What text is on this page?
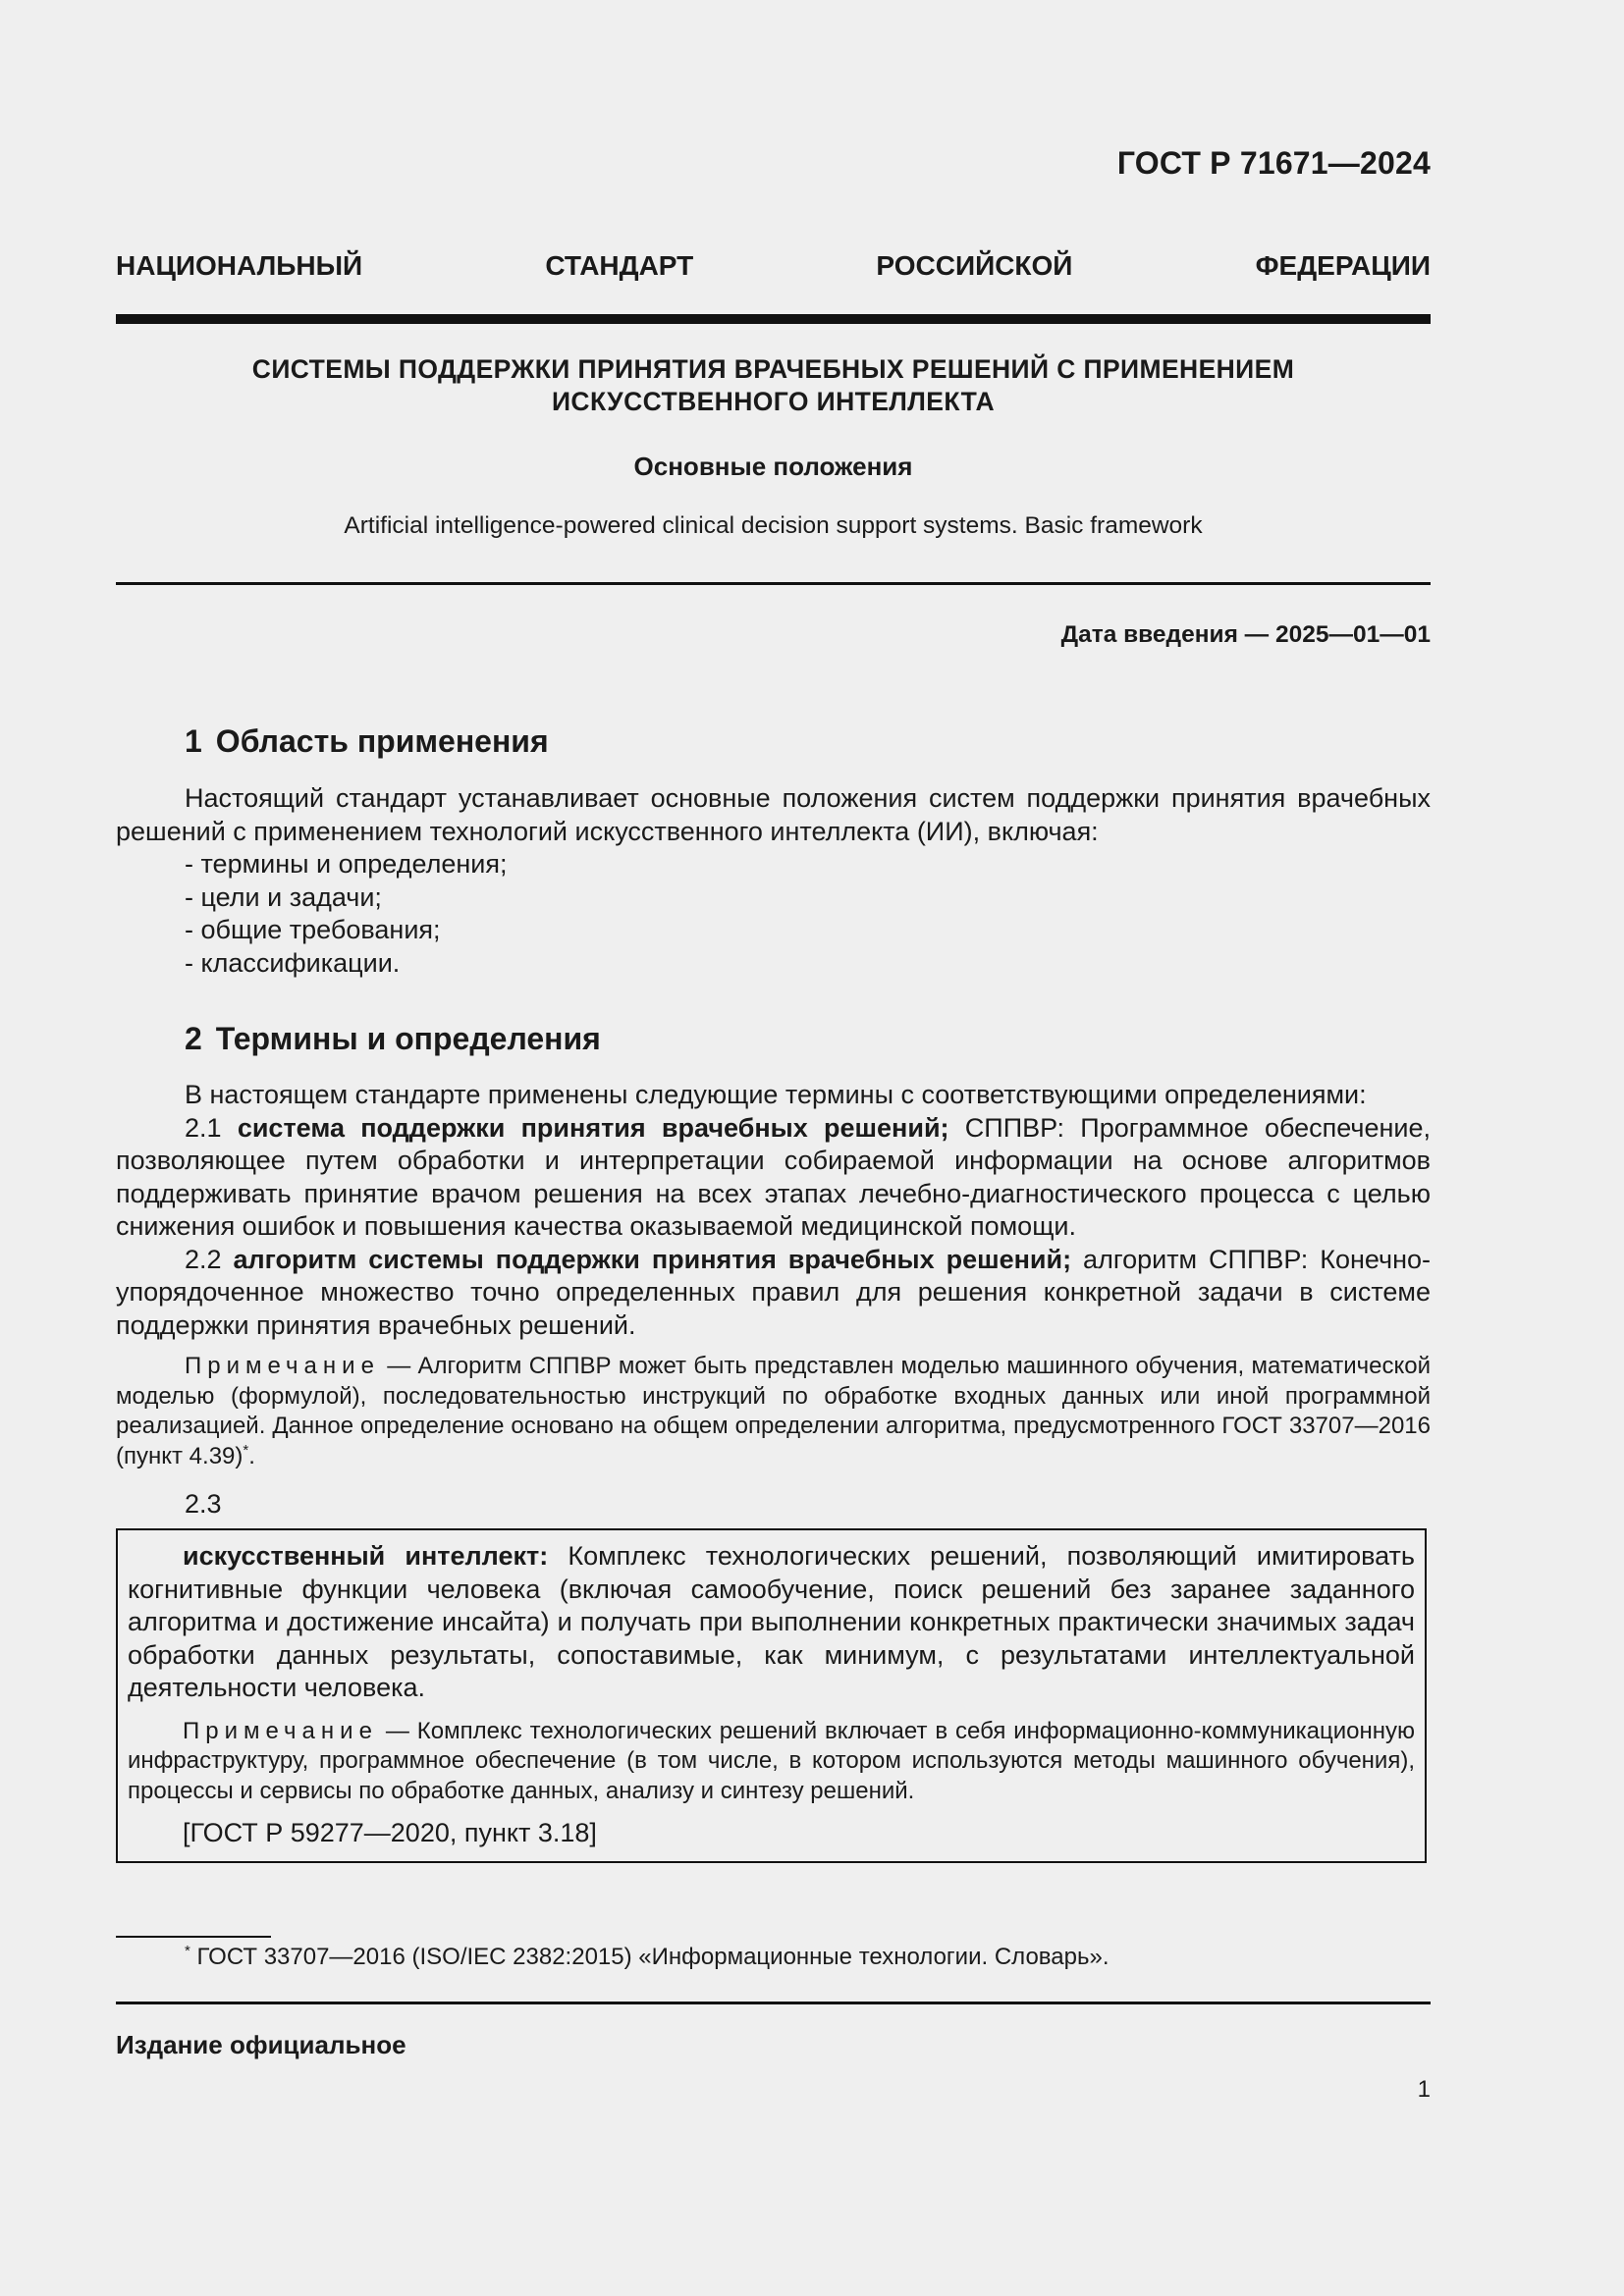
ГОСТ Р 71671—2024
НАЦИОНАЛЬНЫЙ	СТАНДАРТ	РОССИЙСКОЙ	ФЕДЕРАЦИИ
СИСТЕМЫ ПОДДЕРЖКИ ПРИНЯТИЯ ВРАЧЕБНЫХ РЕШЕНИЙ С ПРИМЕНЕНИЕМ
ИСКУССТВЕННОГО ИНТЕЛЛЕКТА
Основные положения
Artificial intelligence-powered clinical decision support systems. Basic framework
Дата введения — 2025—01—01
1 Область применения

Настоящий стандарт устанавливает основные положения систем поддержки принятия врачебных решений с применением технологий искусственного интеллекта (ИИ), включая:

- термины и определения;

- цели и задачи;

- общие требования;

- классификации.

2 Термины и определения

В настоящем стандарте применены следующие термины с соответствующими определениями:

2.1 система поддержки принятия врачебных решений; СППВР: Программное обеспечение, позволяющее путем обработки и интерпретации собираемой информации на основе алгоритмов поддерживать принятие врачом решения на всех этапах лечебно-диагностического процесса с целью снижения ошибок и повышения качества оказываемой медицинской помощи.

2.2 алгоритм системы поддержки принятия врачебных решений; алгоритм СППВР: Конечно-упорядоченное множество точно определенных правил для решения конкретной задачи в системе поддержки принятия врачебных решений.

Примечание — Алгоритм СППВР может быть представлен моделью машинного обучения, математической моделью (формулой), последовательностью инструкций по обработке входных данных или иной программной реализацией. Данное определение основано на общем определении алгоритма, предусмотренного ГОСТ 33707—2016 (пункт 4.39)*.

2.3

искусственный интеллект: Комплекс технологических решений, позволяющий имитировать когнитивные функции человека (включая самообучение, поиск решений без заранее заданного алгоритма и достижение инсайта) и получать при выполнении конкретных практически значимых задач обработки данных результаты, сопоставимые, как минимум, с результатами интеллектуальной деятельности человека.

Примечание — Комплекс технологических решений включает в себя информационно-коммуникационную инфраструктуру, программное обеспечение (в том числе, в котором используются методы машинного обучения), процессы и сервисы по обработке данных, анализу и синтезу решений.

[ГОСТ Р 59277—2020, пункт 3.18]
* ГОСТ 33707—2016 (ISO/IEC 2382:2015) «Информационные технологии. Словарь».
Издание официальное
1
